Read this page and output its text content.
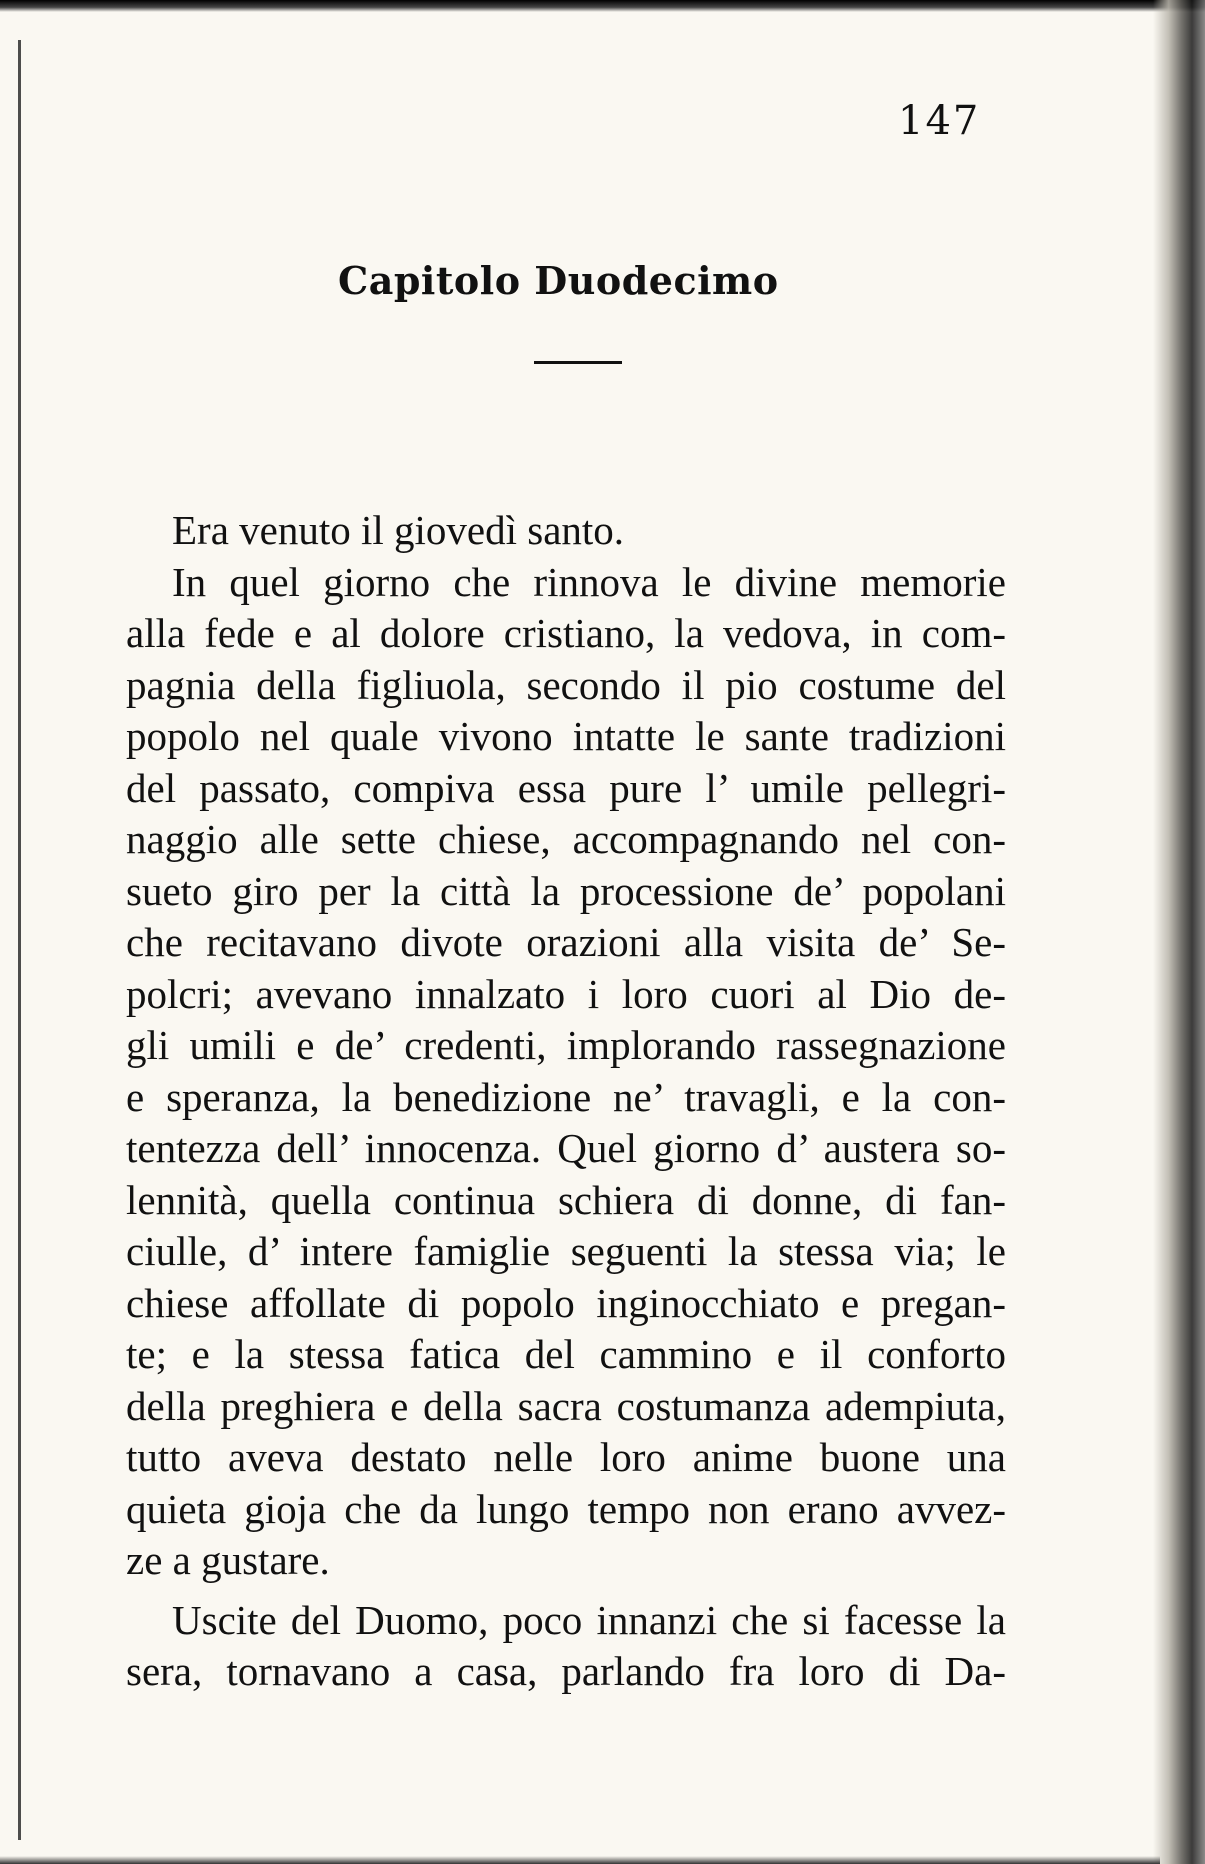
147
Capitolo Duodecimo
Era venuto il giovedì santo.
In quel giorno che rinnova le divine memorie
alla fede e al dolore cristiano, la vedova, in com-
pagnia della figliuola, secondo il pio costume del
popolo nel quale vivono intatte le sante tradizioni
del passato, compiva essa pure l’ umile pellegri-
naggio alle sette chiese, accompagnando nel con-
sueto giro per la città la processione de’ popolani
che recitavano divote orazioni alla visita de’ Se-
polcri; avevano innalzato i loro cuori al Dio de-
gli umili e de’ credenti, implorando rassegnazione
e speranza, la benedizione ne’ travagli, e la con-
tentezza dell’ innocenza. Quel giorno d’ austera so-
lennità, quella continua schiera di donne, di fan-
ciulle, d’ intere famiglie seguenti la stessa via; le
chiese affollate di popolo inginocchiato e pregan-
te; e la stessa fatica del cammino e il conforto
della preghiera e della sacra costumanza adempiuta,
tutto aveva destato nelle loro anime buone una
quieta gioja che da lungo tempo non erano avvez-
ze a gustare.
Uscite del Duomo, poco innanzi che si facesse la
sera, tornavano a casa, parlando fra loro di Da-
